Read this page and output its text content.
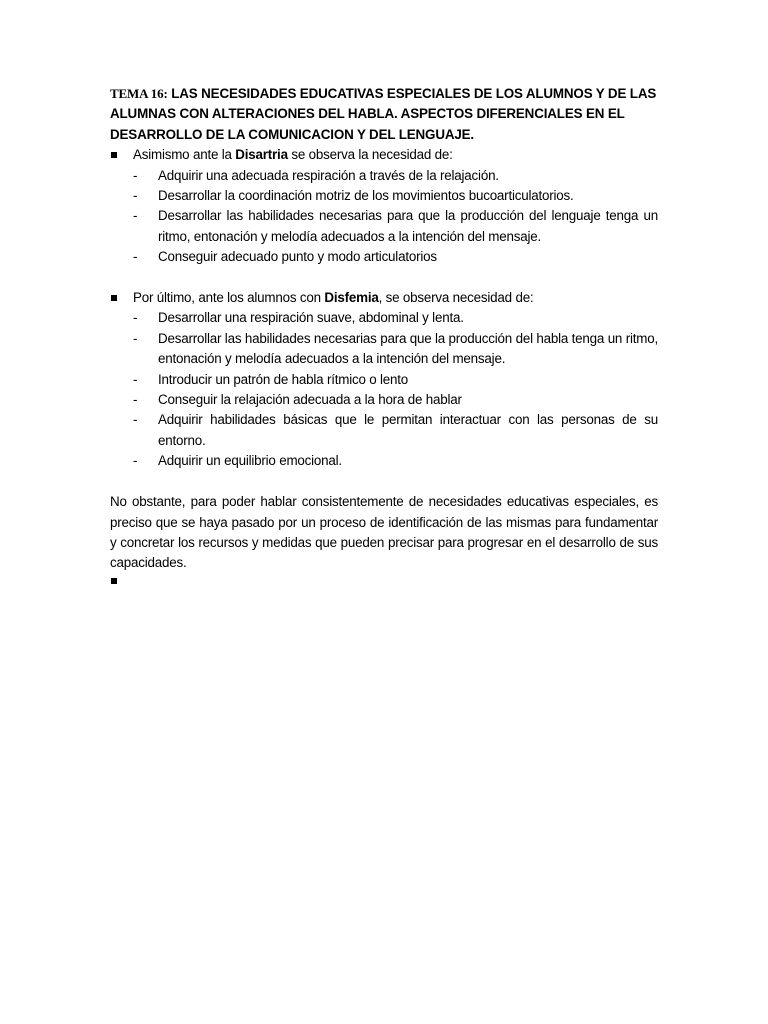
TEMA 16: LAS NECESIDADES EDUCATIVAS ESPECIALES DE LOS ALUMNOS Y DE LAS ALUMNAS CON ALTERACIONES DEL HABLA. ASPECTOS DIFERENCIALES EN EL DESARROLLO DE LA COMUNICACION Y DEL LENGUAJE.
Asimismo ante la Disartria se observa la necesidad de:
- Adquirir una adecuada respiración a través de la relajación.
- Desarrollar la coordinación motriz de los movimientos bucoarticulatorios.
- Desarrollar las habilidades necesarias para que la producción del lenguaje tenga un ritmo, entonación y melodía adecuados a la intención del mensaje.
- Conseguir adecuado punto y modo articulatorios
Por último, ante los alumnos con Disfemia, se observa necesidad de:
- Desarrollar una respiración suave, abdominal y lenta.
- Desarrollar las habilidades necesarias para que la producción del habla tenga un ritmo, entonación y melodía adecuados a la intención del mensaje.
- Introducir un patrón de habla rítmico o lento
- Conseguir la relajación adecuada a la hora de hablar
- Adquirir habilidades básicas que le permitan interactuar con las personas de su entorno.
- Adquirir un equilibrio emocional.

No obstante, para poder hablar consistentemente de necesidades educativas especiales, es preciso que se haya pasado por un proceso de identificación de las mismas para fundamentar y concretar los recursos y medidas que pueden precisar para progresar en el desarrollo de sus capacidades.
